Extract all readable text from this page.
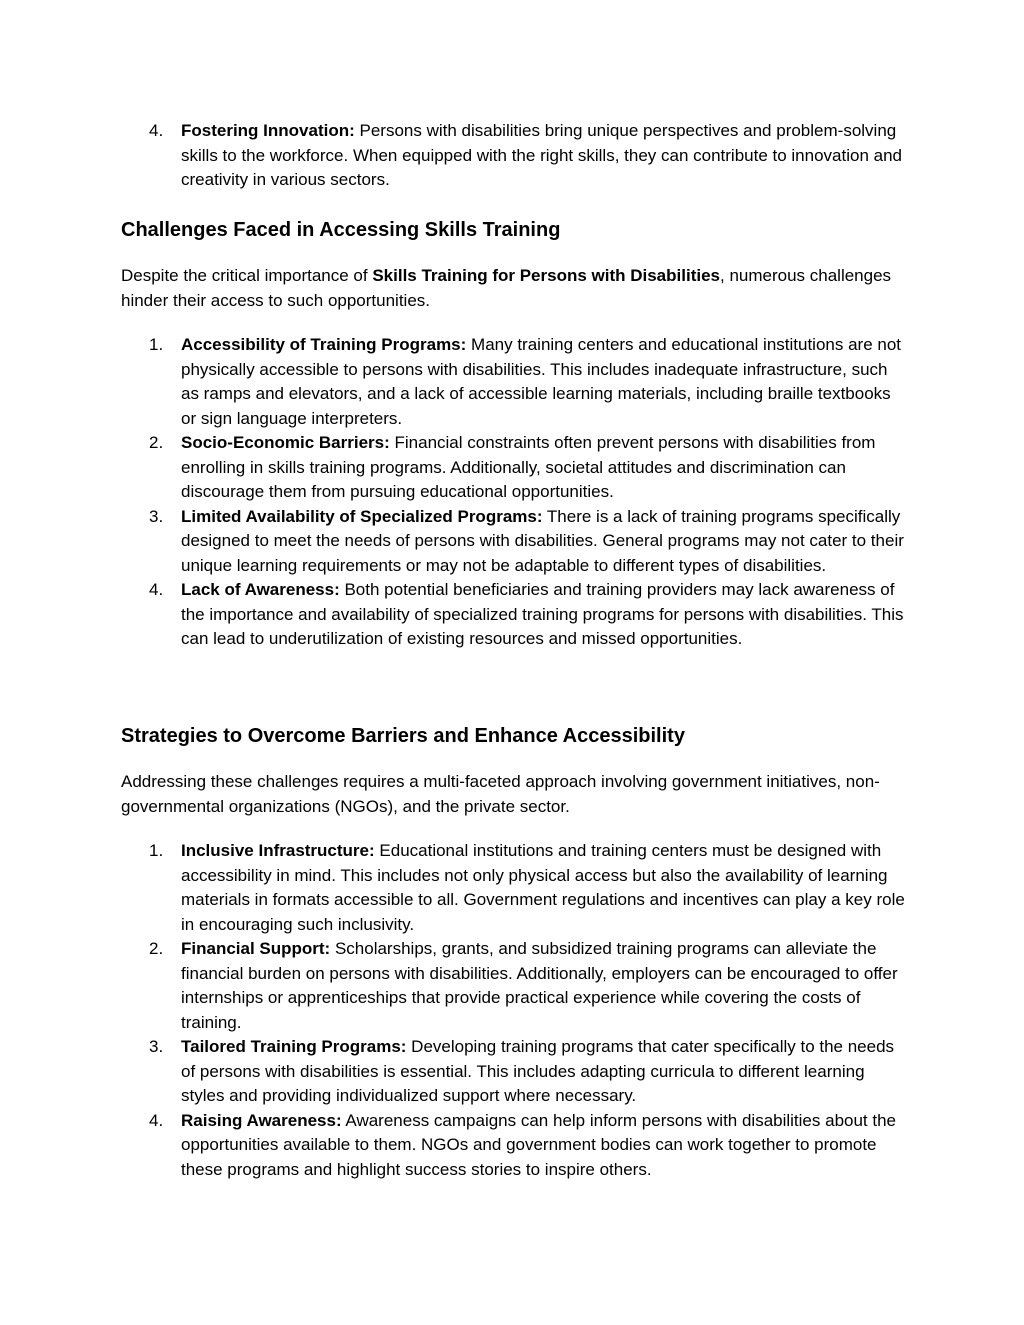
4. Fostering Innovation: Persons with disabilities bring unique perspectives and problem-solving skills to the workforce. When equipped with the right skills, they can contribute to innovation and creativity in various sectors.
Challenges Faced in Accessing Skills Training

Despite the critical importance of Skills Training for Persons with Disabilities, numerous challenges hinder their access to such opportunities.

1. Accessibility of Training Programs: Many training centers and educational institutions are not physically accessible to persons with disabilities. This includes inadequate infrastructure, such as ramps and elevators, and a lack of accessible learning materials, including braille textbooks or sign language interpreters.
2. Socio-Economic Barriers: Financial constraints often prevent persons with disabilities from enrolling in skills training programs. Additionally, societal attitudes and discrimination can discourage them from pursuing educational opportunities.
3. Limited Availability of Specialized Programs: There is a lack of training programs specifically designed to meet the needs of persons with disabilities. General programs may not cater to their unique learning requirements or may not be adaptable to different types of disabilities.
4. Lack of Awareness: Both potential beneficiaries and training providers may lack awareness of the importance and availability of specialized training programs for persons with disabilities. This can lead to underutilization of existing resources and missed opportunities.
Strategies to Overcome Barriers and Enhance Accessibility

Addressing these challenges requires a multi-faceted approach involving government initiatives, non-governmental organizations (NGOs), and the private sector.

1. Inclusive Infrastructure: Educational institutions and training centers must be designed with accessibility in mind. This includes not only physical access but also the availability of learning materials in formats accessible to all. Government regulations and incentives can play a key role in encouraging such inclusivity.
2. Financial Support: Scholarships, grants, and subsidized training programs can alleviate the financial burden on persons with disabilities. Additionally, employers can be encouraged to offer internships or apprenticeships that provide practical experience while covering the costs of training.
3. Tailored Training Programs: Developing training programs that cater specifically to the needs of persons with disabilities is essential. This includes adapting curricula to different learning styles and providing individualized support where necessary.
4. Raising Awareness: Awareness campaigns can help inform persons with disabilities about the opportunities available to them. NGOs and government bodies can work together to promote these programs and highlight success stories to inspire others.
